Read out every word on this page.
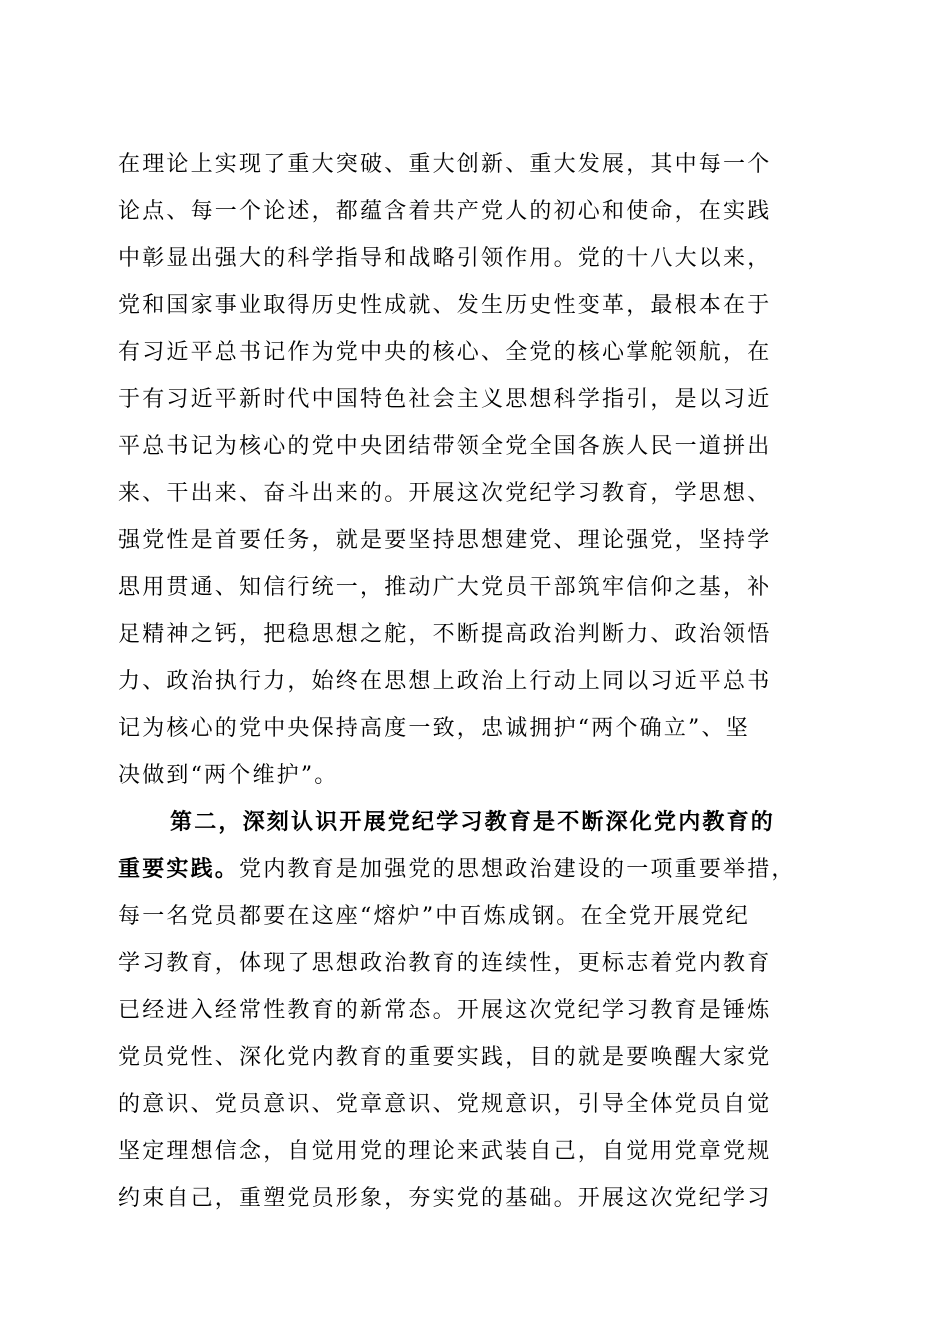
在理论上实现了重大突破、重大创新、重大发展，其中每一个
论点、每一个论述，都蕴含着共产党人的初心和使命，在实践
中彰显出强大的科学指导和战略引领作用。党的十八大以来，
党和国家事业取得历史性成就、发生历史性变革，最根本在于
有习近平总书记作为党中央的核心、全党的核心掌舵领航，在
于有习近平新时代中国特色社会主义思想科学指引，是以习近
平总书记为核心的党中央团结带领全党全国各族人民一道拼出
来、干出来、奋斗出来的。开展这次党纪学习教育，学思想、
强党性是首要任务，就是要坚持思想建党、理论强党，坚持学
思用贯通、知信行统一，推动广大党员干部筑牢信仰之基，补
足精神之钙，把稳思想之舵，不断提高政治判断力、政治领悟
力、政治执行力，始终在思想上政治上行动上同以习近平总书
记为核心的党中央保持高度一致，忠诚拥护“两个确立”、坚
决做到“两个维护”。
第二，深刻认识开展党纪学习教育是不断深化党内教育的
重要实践。党内教育是加强党的思想政治建设的一项重要举措，
每一名党员都要在这座“熔炉”中百炼成钢。在全党开展党纪
学习教育，体现了思想政治教育的连续性，更标志着党内教育
已经进入经常性教育的新常态。开展这次党纪学习教育是锤炼
党员党性、深化党内教育的重要实践，目的就是要唤醒大家党
的意识、党员意识、党章意识、党规意识，引导全体党员自觉
坚定理想信念，自觉用党的理论来武装自己，自觉用党章党规
约束自己，重塑党员形象，夯实党的基础。开展这次党纪学习
